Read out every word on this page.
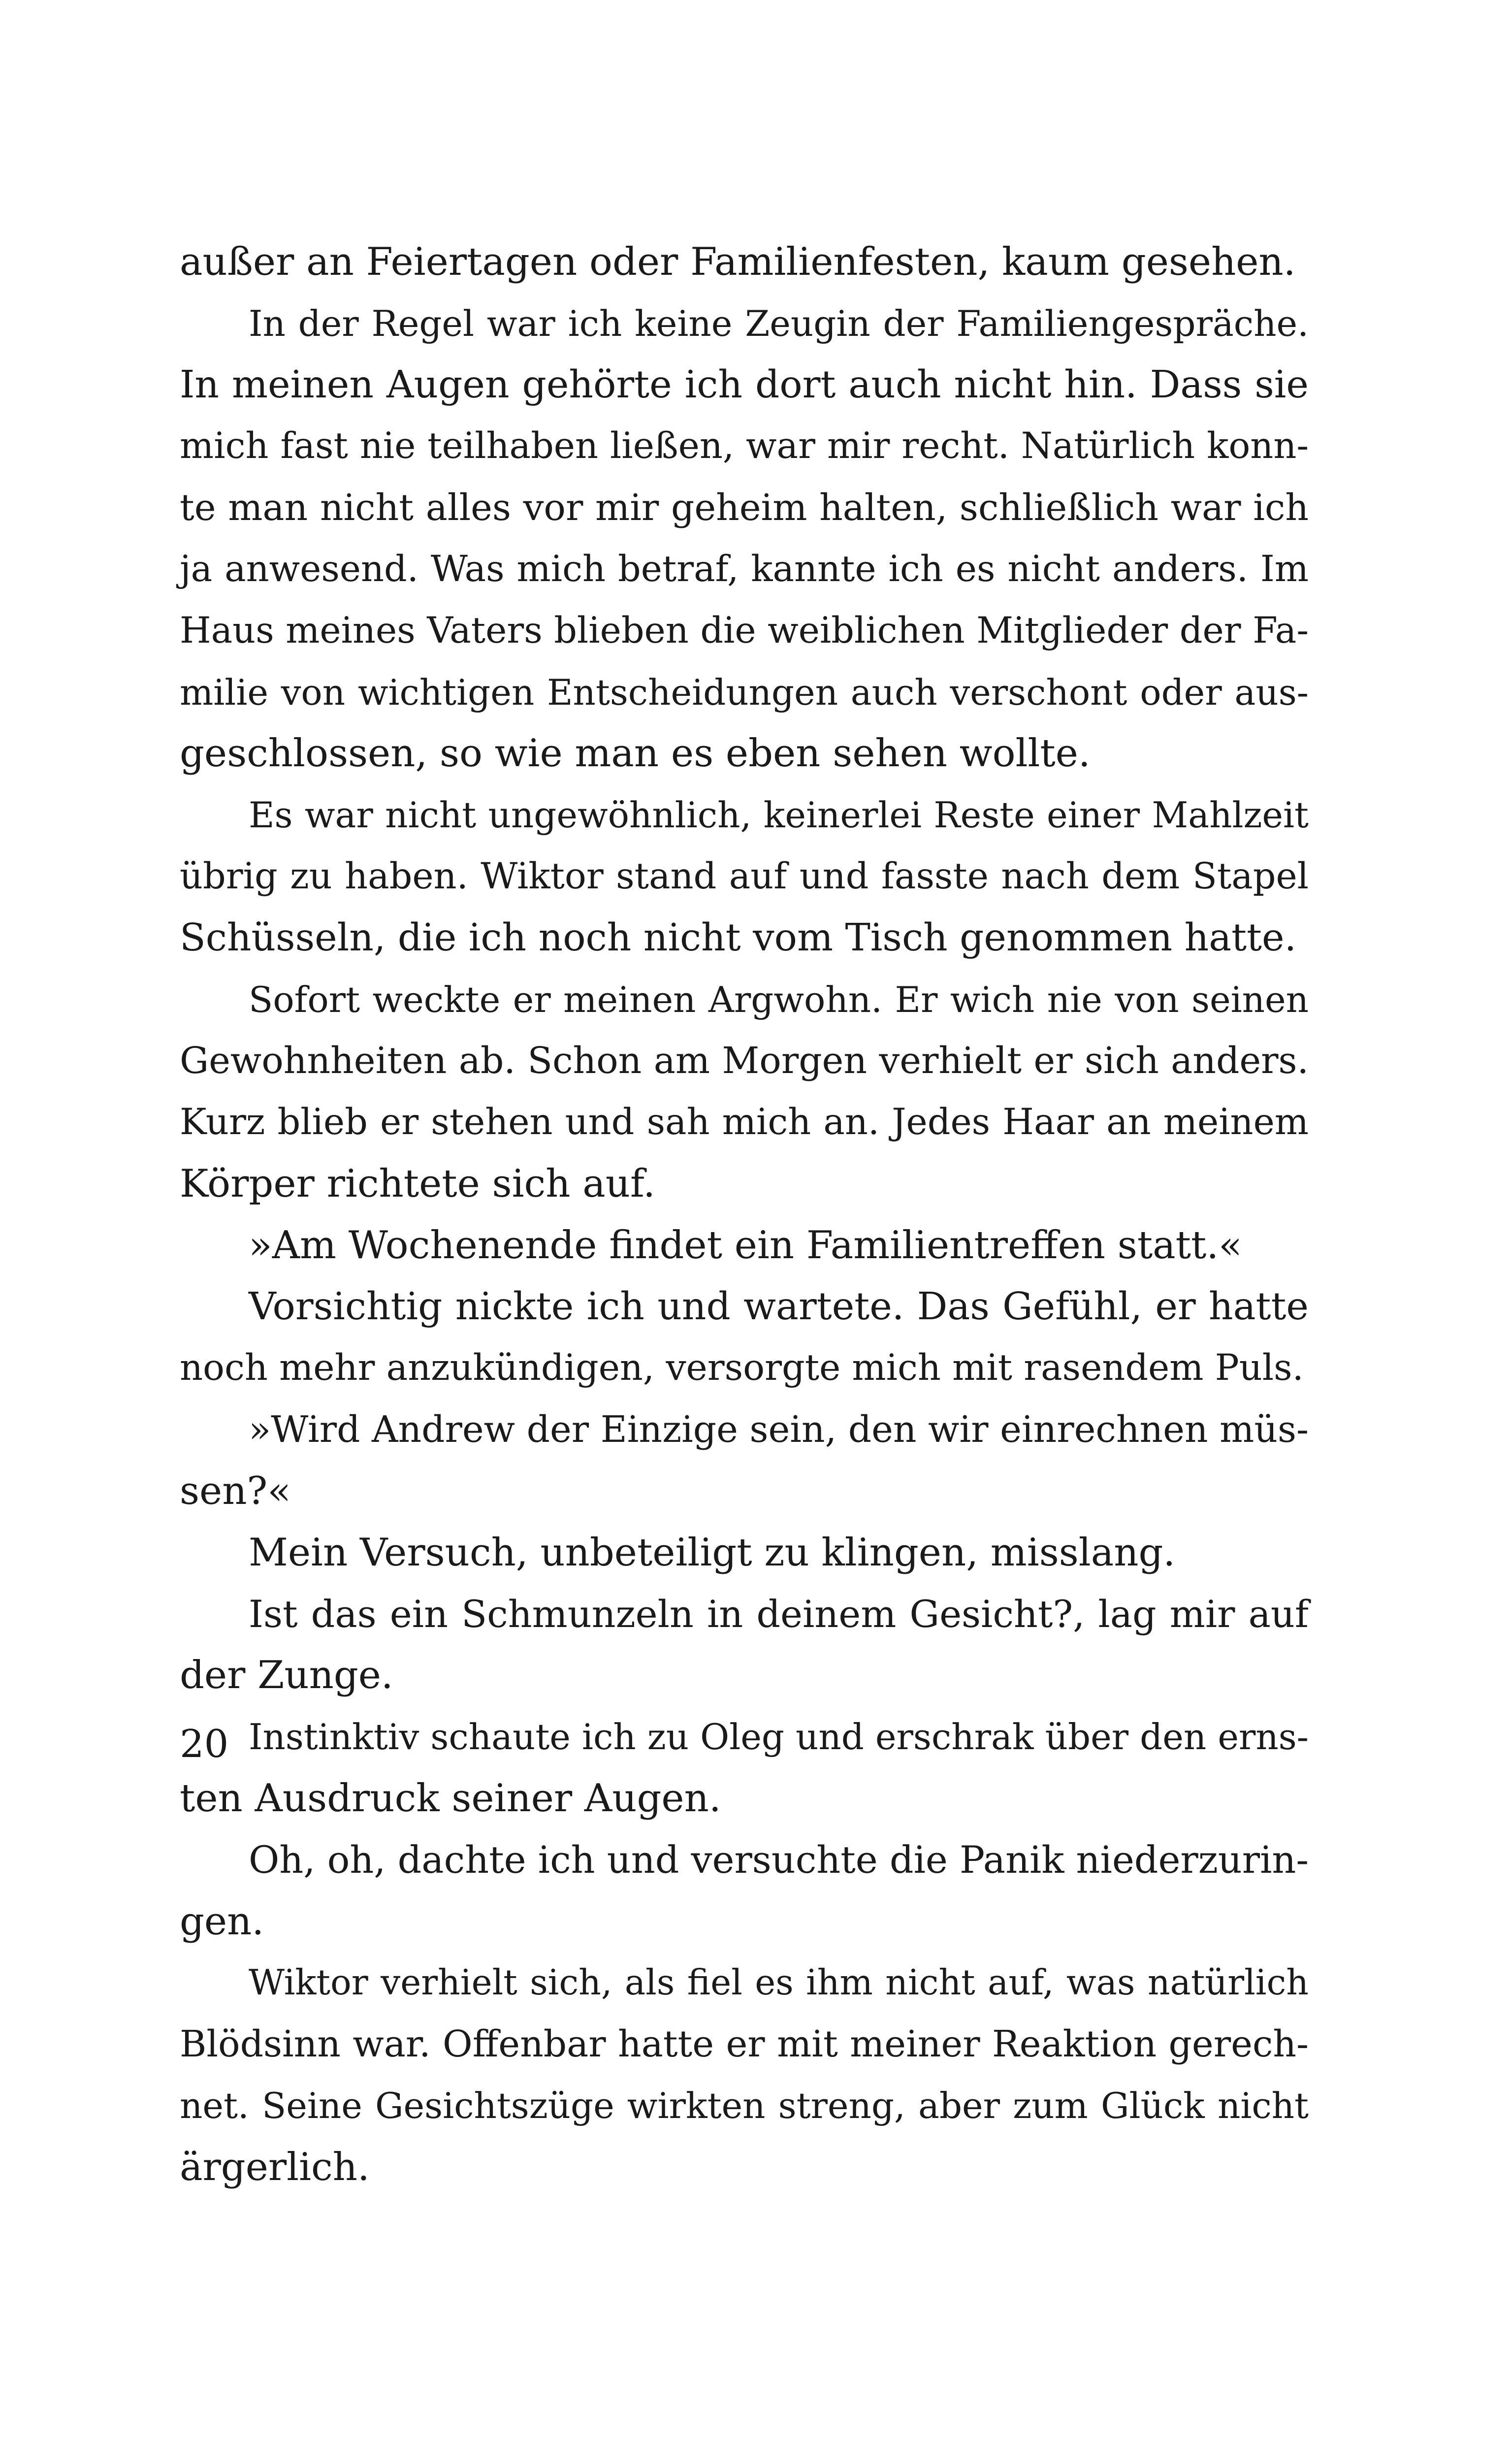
außer an Feiertagen oder Familienfesten, kaum gesehen.
In der Regel war ich keine Zeugin der Familiengespräche.
In meinen Augen gehörte ich dort auch nicht hin. Dass sie
mich fast nie teilhaben ließen, war mir recht. Natürlich konn-
te man nicht alles vor mir geheim halten, schließlich war ich
ja anwesend. Was mich betraf, kannte ich es nicht anders. Im
Haus meines Vaters blieben die weiblichen Mitglieder der Fa-
milie von wichtigen Entscheidungen auch verschont oder aus-
geschlossen, so wie man es eben sehen wollte.
Es war nicht ungewöhnlich, keinerlei Reste einer Mahlzeit
übrig zu haben. Wiktor stand auf und fasste nach dem Stapel
Schüsseln, die ich noch nicht vom Tisch genommen hatte.
Sofort weckte er meinen Argwohn. Er wich nie von seinen
Gewohnheiten ab. Schon am Morgen verhielt er sich anders.
Kurz blieb er stehen und sah mich an. Jedes Haar an meinem
Körper richtete sich auf.
»Am Wochenende findet ein Familientreffen statt.«
Vorsichtig nickte ich und wartete. Das Gefühl, er hatte
noch mehr anzukündigen, versorgte mich mit rasendem Puls.
»Wird Andrew der Einzige sein, den wir einrechnen müs-
sen?«
Mein Versuch, unbeteiligt zu klingen, misslang.
Ist das ein Schmunzeln in deinem Gesicht?, lag mir auf
der Zunge.
Instinktiv schaute ich zu Oleg und erschrak über den erns-
ten Ausdruck seiner Augen.
Oh, oh, dachte ich und versuchte die Panik niederzurin-
gen.
Wiktor verhielt sich, als fiel es ihm nicht auf, was natürlich
Blödsinn war. Offenbar hatte er mit meiner Reaktion gerech-
net. Seine Gesichtszüge wirkten streng, aber zum Glück nicht
ärgerlich.
20
